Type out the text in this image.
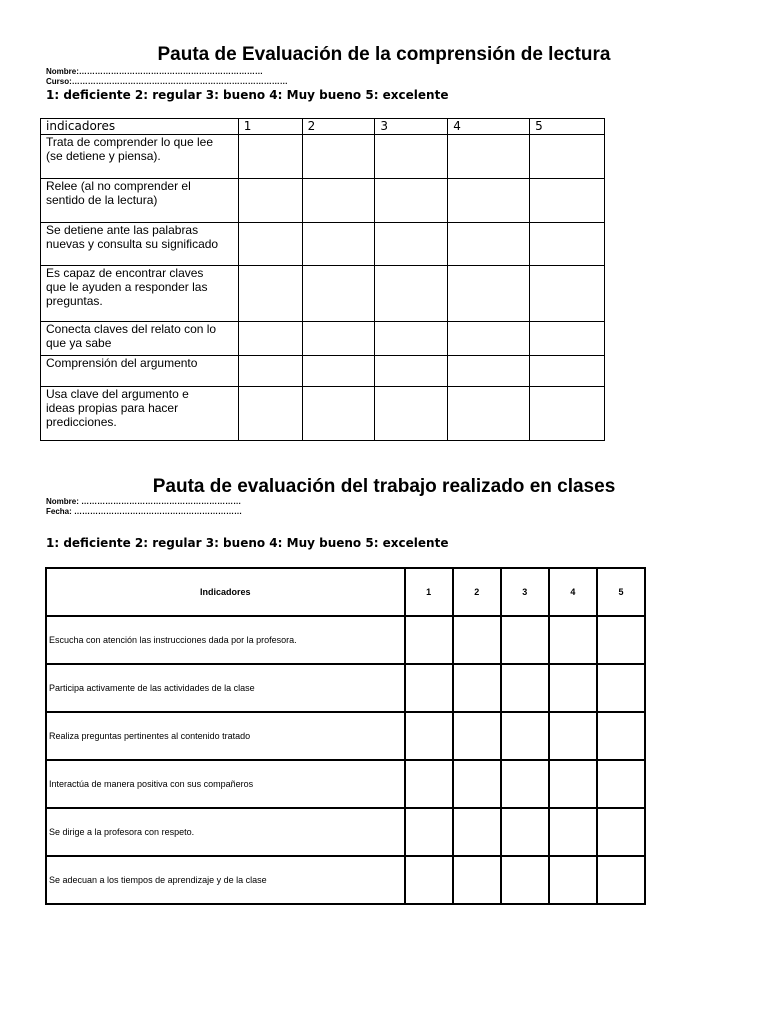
Pauta de Evaluación de la comprensión de lectura
Nombre:……………………………………………………………
Curso:………………………………………………………………………
1: deficiente 2: regular 3: bueno 4: Muy bueno 5: excelente
indicadores	1	2	3	4	5

Trata de comprender lo que lee
(se detiene y piensa).					

Relee (al no comprender el
sentido de la lectura)					

Se detiene ante las palabras
nuevas y consulta su significado					

Es capaz de encontrar claves
que le ayuden a responder las
preguntas.					

Conecta claves del relato con lo
que ya sabe					

Comprensión del argumento					

Usa clave del argumento e
ideas propias para hacer
predicciones.					

Pauta de evaluación del trabajo realizado en clases
Nombre: ……………………………………………………
Fecha: ………………………………………………………
1: deficiente 2: regular 3: bueno 4: Muy bueno 5: excelente
Indicadores	1	2	3	4	5
Escucha con atención las instrucciones dada por la profesora.					
Participa activamente de las actividades de la clase					
Realiza preguntas pertinentes al contenido tratado					
Interactúa de manera positiva con sus compañeros					
Se dirige a la profesora con respeto.					
Se adecuan a los tiempos de aprendizaje y de la clase					
